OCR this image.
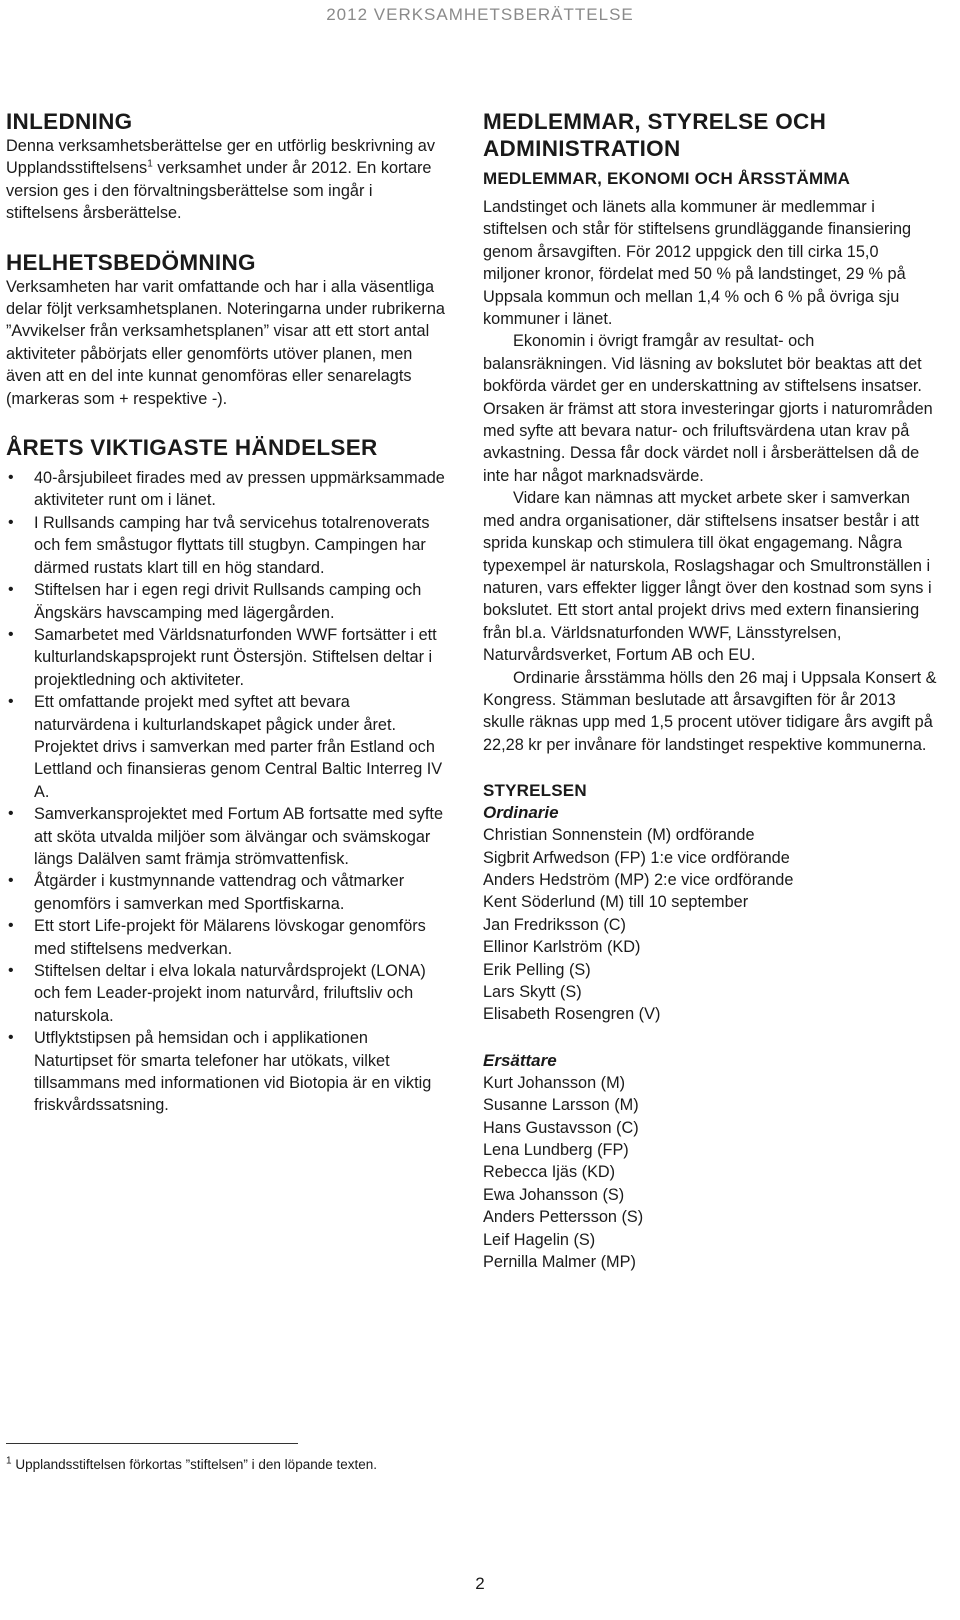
2012 VERKSAMHETSBERÄTTELSE
INLEDNING

Denna verksamhetsberättelse ger en utförlig beskrivning av Upplandsstiftelsens$^1$ verksamhet under år 2012. En kortare version ges i den förvaltningsberättelse som ingår i stiftelsens årsberättelse.

HELHETSBEDÖMNING

Verksamheten har varit omfattande och har i alla väsentliga delar följt verksamhetsplanen. Noteringarna under rubrikerna ”Avvikelser från verksamhetsplanen” visar att ett stort antal aktiviteter påbörjats eller genomförts utöver planen, men även att en del inte kunnat genomföras eller senarelagts (markeras som + respektive -).

ÅRETS VIKTIGASTE HÄNDELSER
• 40-årsjubileet firades med av pressen uppmärksammade aktiviteter runt om i länet.
• I Rullsands camping har två servicehus totalrenoverats och fem småstugor flyttats till stugbyn. Campingen har därmed rustats klart till en hög standard.
• Stiftelsen har i egen regi drivit Rullsands camping och Ängskärs havscamping med lägergården.
• Samarbetet med Världsnaturfonden WWF fortsätter i ett kulturlandskapsprojekt runt Östersjön. Stiftelsen deltar i projektledning och aktiviteter.
• Ett omfattande projekt med syftet att bevara naturvärdena i kulturlandskapet pågick under året. Projektet drivs i samverkan med parter från Estland och Lettland och finansieras genom Central Baltic Interreg IV A.
• Samverkansprojektet med Fortum AB fortsatte med syfte att sköta utvalda miljöer som älvängar och svämskogar längs Dalälven samt främja strömvattenfisk.
• Åtgärder i kustmynnande vattendrag och våtmarker genomförs i samverkan med Sportfiskarna.
• Ett stort Life-projekt för Mälarens lövskogar genomförs med stiftelsens medverkan.
• Stiftelsen deltar i elva lokala naturvårdsprojekt (LONA) och fem Leader-projekt inom naturvård, friluftsliv och naturskola.
• Utflyktstipsen på hemsidan och i applikationen Naturtipset för smarta telefoner har utökats, vilket tillsammans med informationen vid Biotopia är en viktig friskvårdssatsning.
MEDLEMMAR, STYRELSE OCH ADMINISTRATION
MEDLEMMAR, EKONOMI OCH ÅRSSTÄMMA

Landstinget och länets alla kommuner är medlemmar i stiftelsen och står för stiftelsens grundläggande finansiering genom årsavgiften. För 2012 uppgick den till cirka 15,0 miljoner kronor, fördelat med 50 % på landstinget, 29 % på Uppsala kommun och mellan 1,4 % och 6 % på övriga sju kommuner i länet.

Ekonomin i övrigt framgår av resultat- och balansräkningen. Vid läsning av bokslutet bör beaktas att det bokförda värdet ger en underskattning av stiftelsens insatser. Orsaken är främst att stora investeringar gjorts i naturområden med syfte att bevara natur- och friluftsvärdena utan krav på avkastning. Dessa får dock värdet noll i årsberättelsen då de inte har något marknadsvärde.

Vidare kan nämnas att mycket arbete sker i samverkan med andra organisationer, där stiftelsens insatser består i att sprida kunskap och stimulera till ökat engagemang. Några typexempel är naturskola, Roslagshagar och Smultronställen i naturen, vars effekter ligger långt över den kostnad som syns i bokslutet. Ett stort antal projekt drivs med extern finansiering från bl.a. Världsnaturfonden WWF, Länsstyrelsen, Naturvårdsverket, Fortum AB och EU.

Ordinarie årsstämma hölls den 26 maj i Uppsala Konsert & Kongress. Stämman beslutade att årsavgiften för år 2013 skulle räknas upp med 1,5 procent utöver tidigare års avgift på 22,28 kr per invånare för landstinget respektive kommunerna.

STYRELSEN
Ordinarie
Christian Sonnenstein (M) ordförande
Sigbrit Arfwedson (FP) 1:e vice ordförande
Anders Hedström (MP) 2:e vice ordförande
Kent Söderlund (M) till 10 september
Jan Fredriksson (C)
Ellinor Karlström (KD)
Erik Pelling (S)
Lars Skytt (S)
Elisabeth Rosengren (V)
Ersättare
Kurt Johansson (M)
Susanne Larsson (M)
Hans Gustavsson (C)
Lena Lundberg (FP)
Rebecca Ijäs (KD)
Ewa Johansson (S)
Anders Pettersson (S)
Leif Hagelin (S)
Pernilla Malmer (MP)
$^1$ Upplandsstiftelsen förkortas ”stiftelsen” i den löpande texten.
2
